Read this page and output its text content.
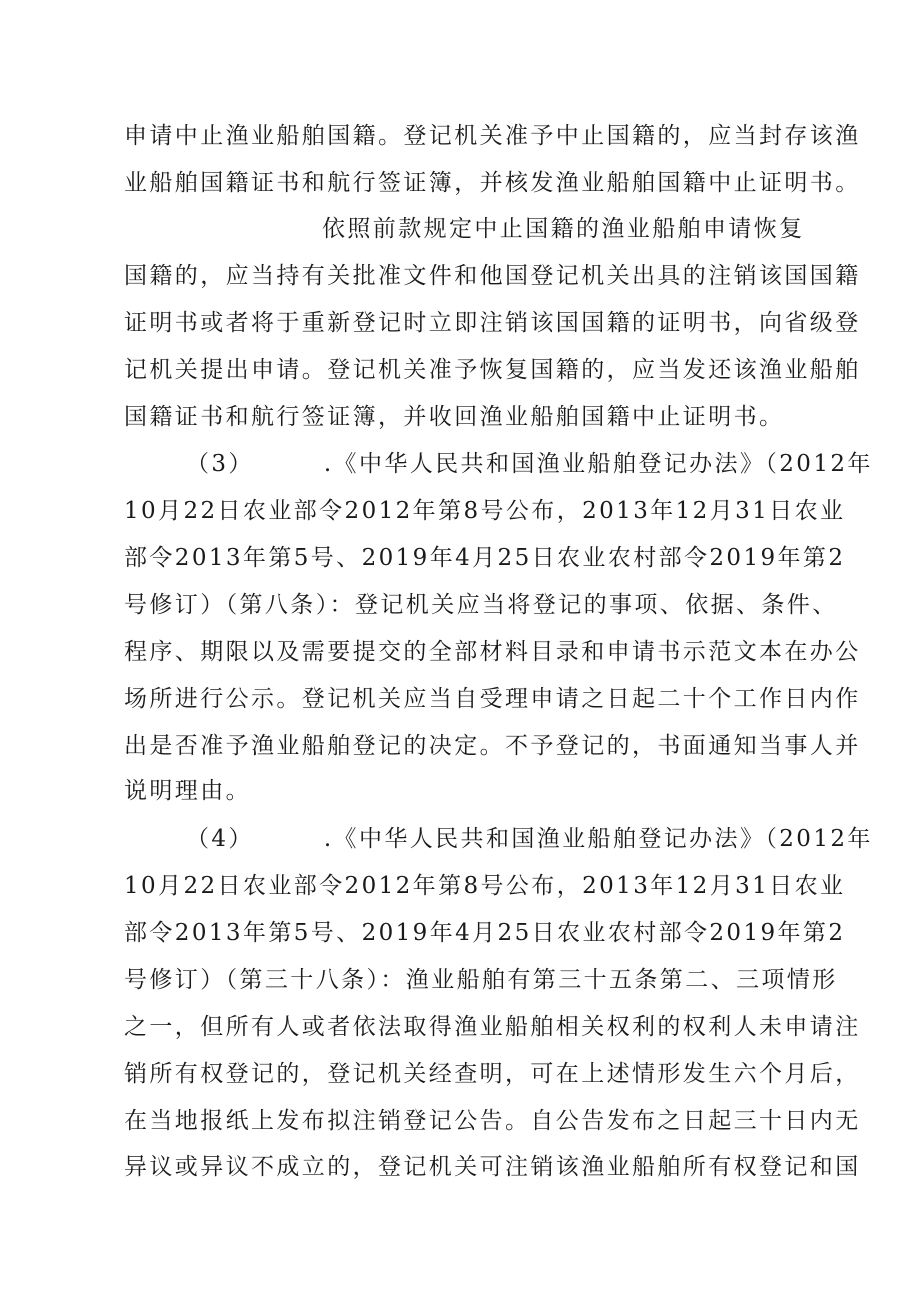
申请中止渔业船舶国籍。登记机关准予中止国籍的，应当封存该渔
业船舶国籍证书和航行签证簿，并核发渔业船舶国籍中止证明书。
依照前款规定中止国籍的渔业船舶申请恢复
国籍的，应当持有关批准文件和他国登记机关出具的注销该国国籍
证明书或者将于重新登记时立即注销该国国籍的证明书，向省级登
记机关提出申请。登记机关准予恢复国籍的，应当发还该渔业船舶
国籍证书和航行签证簿，并收回渔业船舶国籍中止证明书。
（3）	.《中华人民共和国渔业船舶登记办法》（2012年
10月22日农业部令2012年第8号公布，2013年12月31日农业
部令2013年第5号、2019年4月25日农业农村部令2019年第2
号修订）（第八条）：登记机关应当将登记的事项、依据、条件、
程序、期限以及需要提交的全部材料目录和申请书示范文本在办公
场所进行公示。登记机关应当自受理申请之日起二十个工作日内作
出是否准予渔业船舶登记的决定。不予登记的，书面通知当事人并
说明理由。
（4）	.《中华人民共和国渔业船舶登记办法》（2012年
10月22日农业部令2012年第8号公布，2013年12月31日农业
部令2013年第5号、2019年4月25日农业农村部令2019年第2
号修订）（第三十八条）：渔业船舶有第三十五条第二、三项情形
之一，但所有人或者依法取得渔业船舶相关权利的权利人未申请注
销所有权登记的，登记机关经查明，可在上述情形发生六个月后，
在当地报纸上发布拟注销登记公告。自公告发布之日起三十日内无
异议或异议不成立的，登记机关可注销该渔业船舶所有权登记和国
